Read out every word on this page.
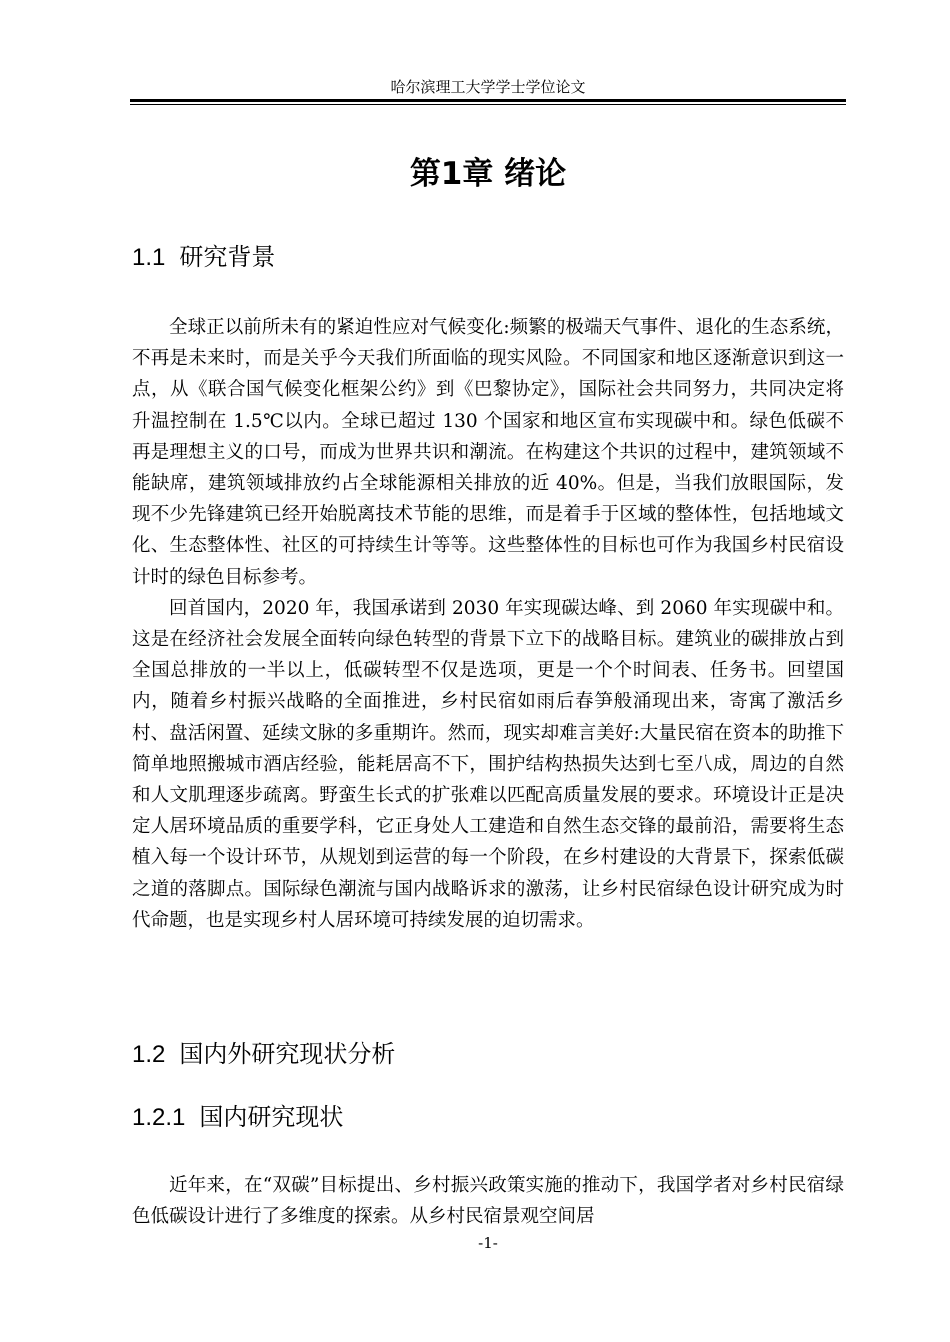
哈尔滨理工大学学士学位论文
第1章 绪论
1.1 研究背景

全球正以前所未有的紧迫性应对气候变化:频繁的极端天气事件、退化的生态系统， 不再是未来时，而是关乎今天我们所面临的现实风险。不同国家和地区逐渐意识到这一点，从《联合国气候变化框架公约》到《巴黎协定》，国际社会共同努力，共同决定将升温控制在 1.5℃以内。全球已超过 130 个国家和地区宣布实现碳中和。绿色低碳不再是理想主义的口号，而成为世界共识和潮流。在构建这个共识的过程中，建筑领域不能缺席，建筑领域排放约占全球能源相关排放的近 40%。但是，当我们放眼国际，发现不少先锋建筑已经开始脱离技术节能的思维，而是着手于区域的整体性，包括地域文化、生态整体性、社区的可持续生计等等。这些整体性的目标也可作为我国乡村民宿设计时的绿色目标参考。

回首国内，2020 年，我国承诺到 2030 年实现碳达峰、到 2060 年实现碳中和。这是在经济社会发展全面转向绿色转型的背景下立下的战略目标。建筑业的碳排放占到全国总排放的一半以上，低碳转型不仅是选项，更是一个个时间表、任务书。回望国内，随着乡村振兴战略的全面推进，乡村民宿如雨后春笋般涌现出来，寄寓了激活乡村、盘活闲置、延续文脉的多重期许。然而，现实却难言美好:大量民宿在资本的助推下简单地照搬城市酒店经验，能耗居高不下，围护结构热损失达到七至八成，周边的自然和人文肌理逐步疏离。野蛮生长式的扩张难以匹配高质量发展的要求。环境设计正是决定人居环境品质的重要学科，它正身处人工建造和自然生态交锋的最前沿，需要将生态植入每一个设计环节，从规划到运营的每一个阶段，在乡村建设的大背景下，探索低碳之道的落脚点。国际绿色潮流与国内战略诉求的激荡，让乡村民宿绿色设计研究成为时代命题，也是实现乡村人居环境可持续发展的迫切需求。

1.2 国内外研究现状分析
1.2.1 国内研究现状

近年来，在“双碳”目标提出、乡村振兴政策实施的推动下，我国学者对乡村民宿绿色低碳设计进行了多维度的探索。从乡村民宿景观空间居

-1-
